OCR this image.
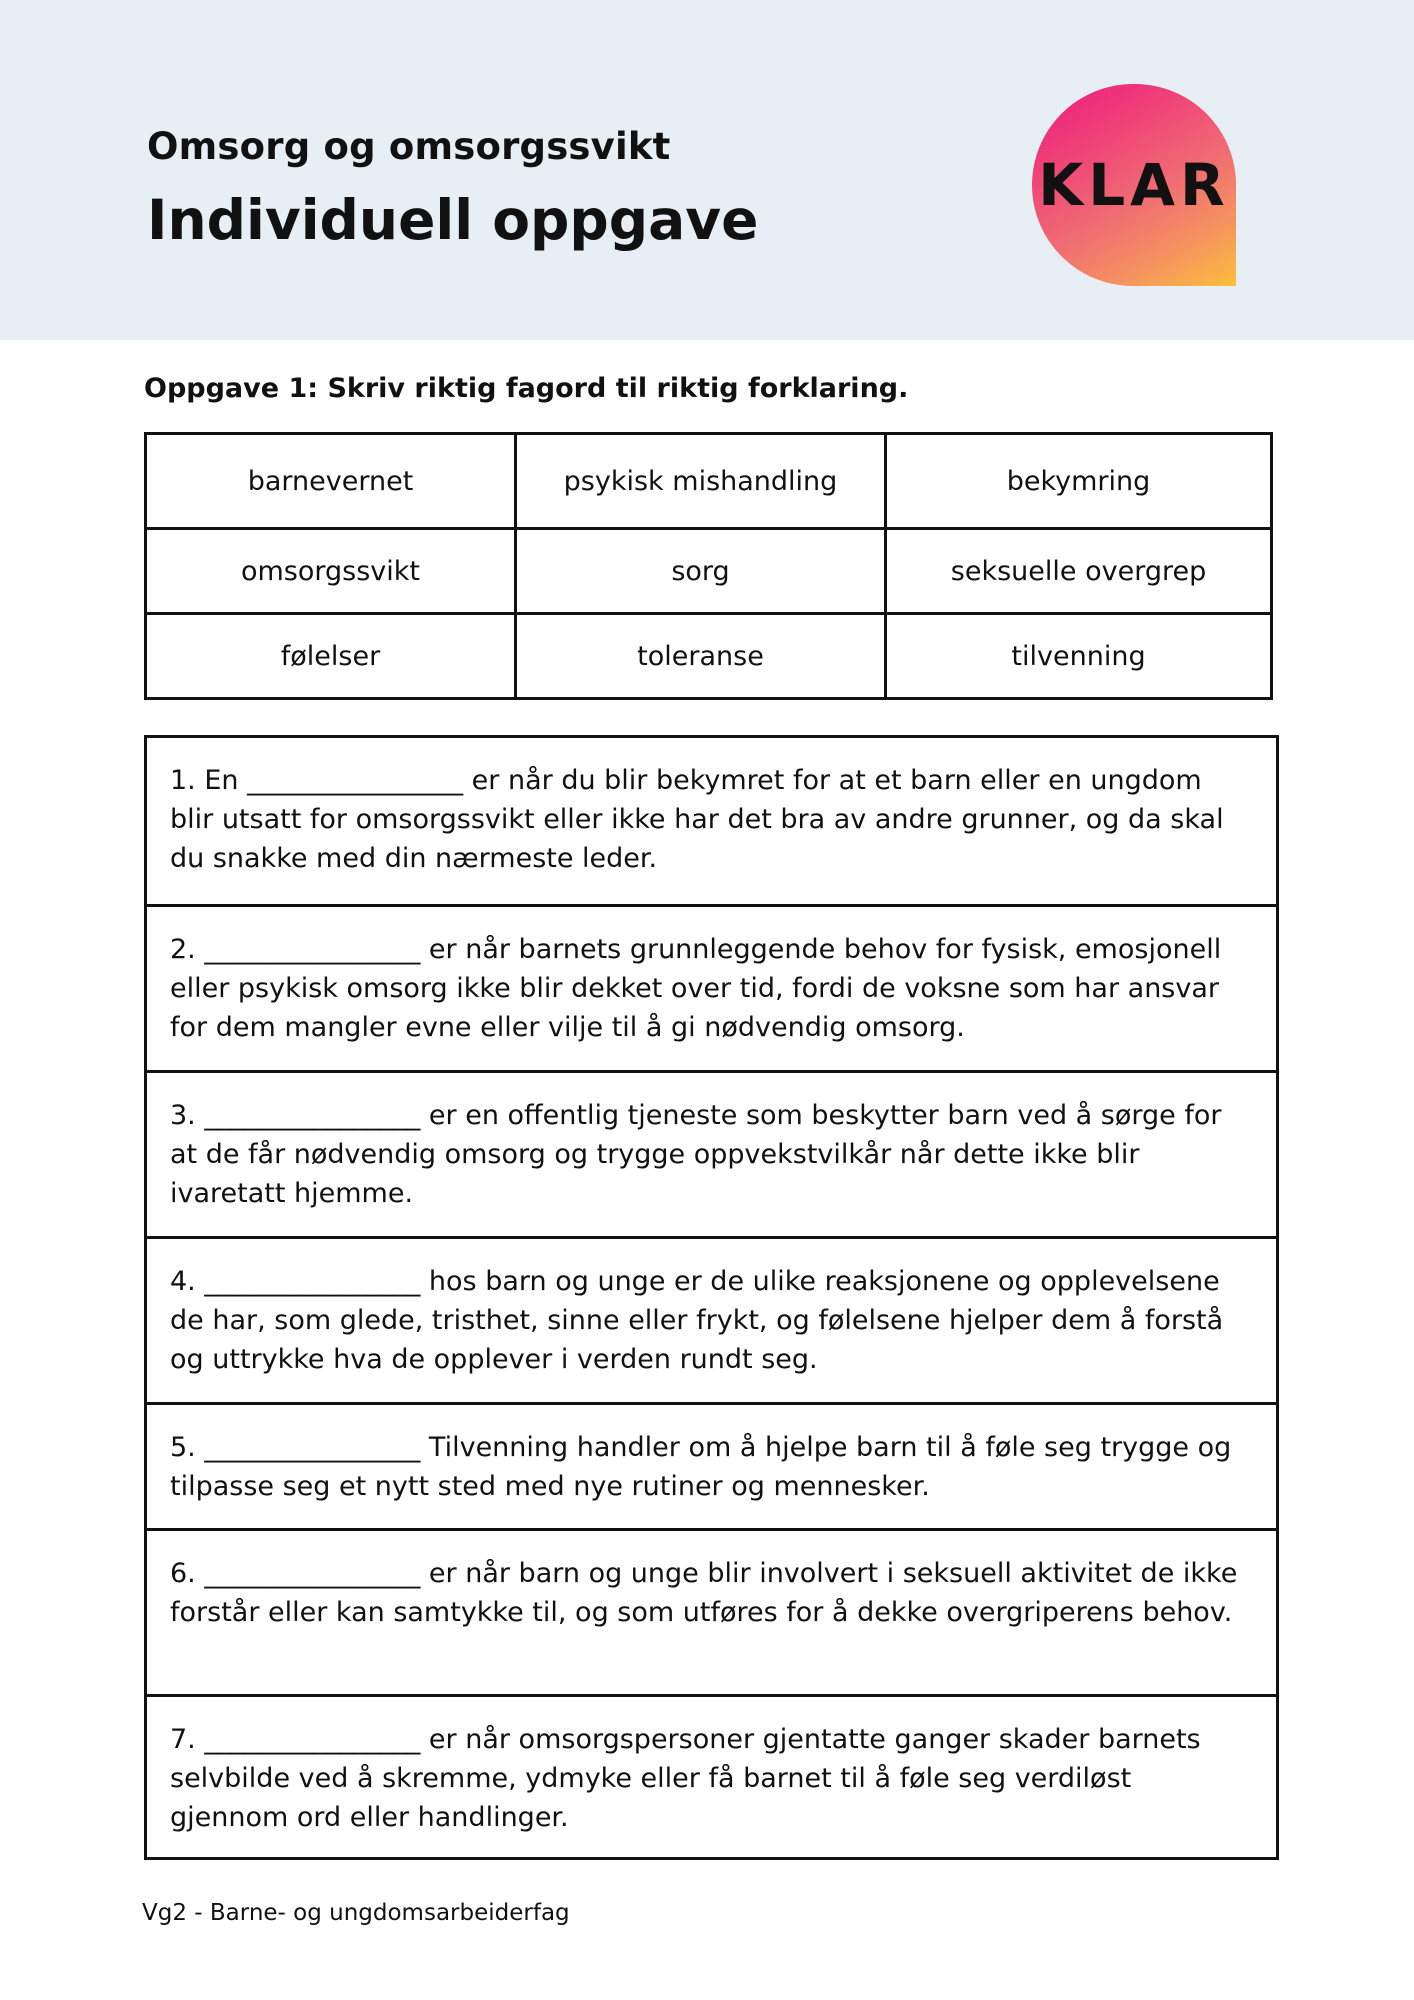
Omsorg og omsorgssvikt
Individuell oppgave
KLAR
Oppgave 1: Skriv riktig fagord til riktig forklaring.
barnevernet	psykisk mishandling	bekymring
omsorgssvikt	sorg	seksuelle overgrep
følelser	toleranse	tilvenning
1. En ________________ er når du blir bekymret for at et barn eller en ungdom blir utsatt for omsorgssvikt eller ikke har det bra av andre grunner, og da skal du snakke med din nærmeste leder.
2. ________________ er når barnets grunnleggende behov for fysisk, emosjonell eller psykisk omsorg ikke blir dekket over tid, fordi de voksne som har ansvar for dem mangler evne eller vilje til å gi nødvendig omsorg.
3. ________________ er en offentlig tjeneste som beskytter barn ved å sørge for at de får nødvendig omsorg og trygge oppvekstvilkår når dette ikke blir ivaretatt hjemme.
4. ________________ hos barn og unge er de ulike reaksjonene og opplevelsene de har, som glede, tristhet, sinne eller frykt, og følelsene hjelper dem å forstå og uttrykke hva de opplever i verden rundt seg.
5. ________________ Tilvenning handler om å hjelpe barn til å føle seg trygge og tilpasse seg et nytt sted med nye rutiner og mennesker.
6. ________________ er når barn og unge blir involvert i seksuell aktivitet de ikke forstår eller kan samtykke til, og som utføres for å dekke overgriperens behov.
7. ________________ er når omsorgspersoner gjentatte ganger skader barnets selvbilde ved å skremme, ydmyke eller få barnet til å føle seg verdiløst gjennom ord eller handlinger.
Vg2 - Barne- og ungdomsarbeiderfag
